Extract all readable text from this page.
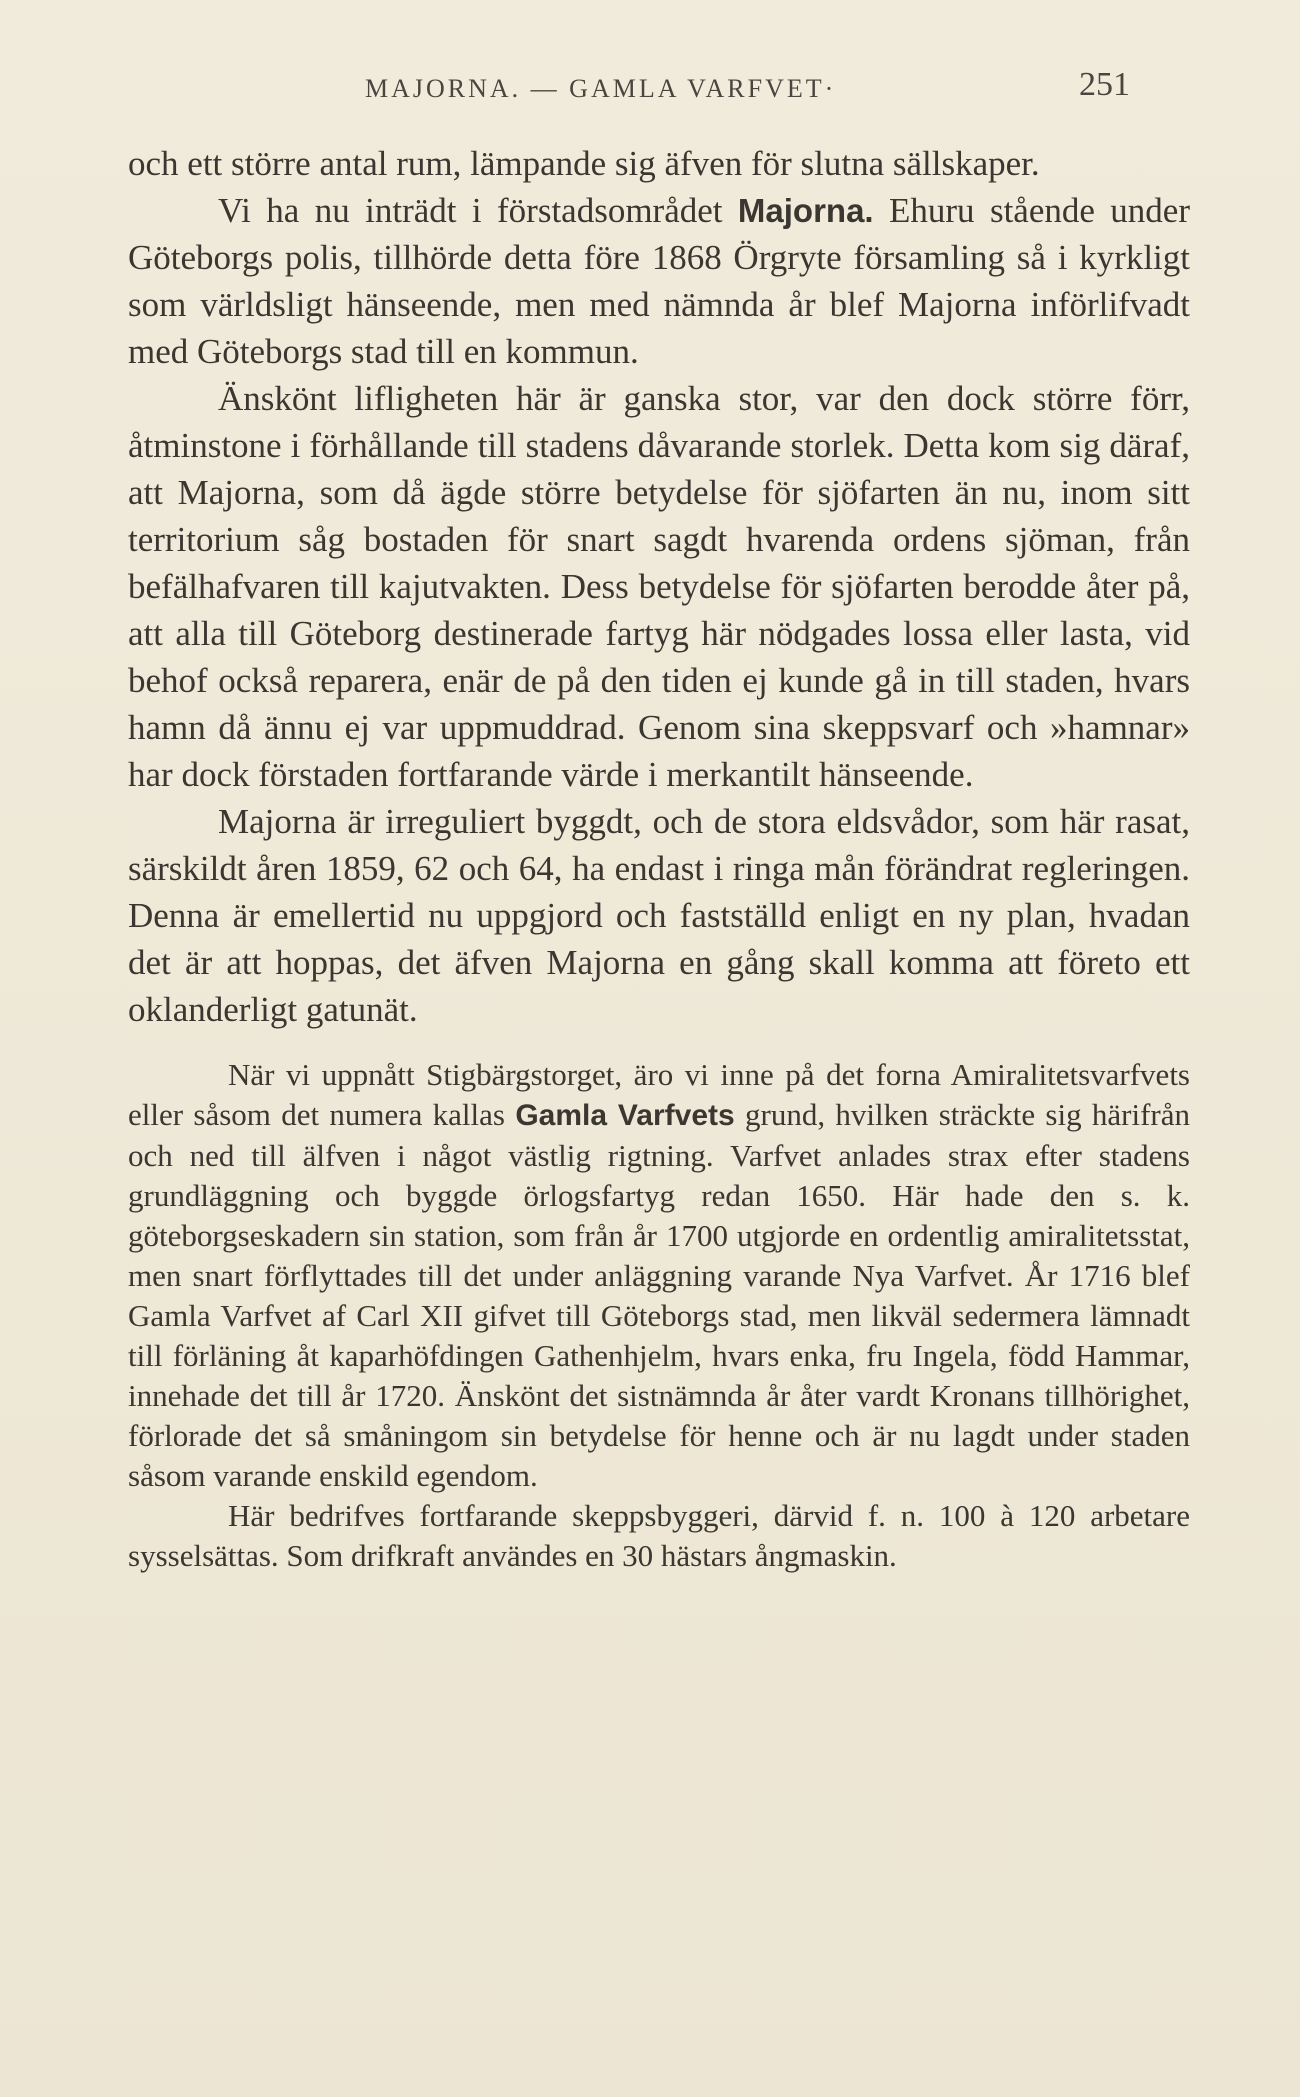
MAJORNA. — GAMLA VARFVET·	251

och ett större antal rum, lämpande sig äfven för slutna sällskaper.

Vi ha nu inträdt i förstadsområdet Majorna. Ehuru stående under Göteborgs polis, tillhörde detta före 1868 Örgryte församling så i kyrkligt som världsligt hänseende, men med nämnda år blef Majorna införlifvadt med Göteborgs stad till en kommun.

Änskönt lifligheten här är ganska stor, var den dock större förr, åtminstone i förhållande till stadens dåvarande storlek. Detta kom sig däraf, att Majorna, som då ägde större betydelse för sjöfarten än nu, inom sitt territorium såg bostaden för snart sagdt hvarenda ordens sjöman, från befälhafvaren till kajutvakten. Dess betydelse för sjöfarten berodde åter på, att alla till Göteborg destinerade fartyg här nödgades lossa eller lasta, vid behof också reparera, enär de på den tiden ej kunde gå in till staden, hvars hamn då ännu ej var uppmuddrad. Genom sina skeppsvarf och »hamnar» har dock förstaden fortfarande värde i merkantilt hänseende.

Majorna är irreguliert byggdt, och de stora eldsvådor, som här rasat, särskildt åren 1859, 62 och 64, ha endast i ringa mån förändrat regleringen. Denna är emellertid nu uppgjord och fastställd enligt en ny plan, hvadan det är att hoppas, det äfven Majorna en gång skall komma att företo ett oklanderligt gatunät.

När vi uppnått Stigbärgstorget, äro vi inne på det forna Amiralitetsvarfvets eller såsom det numera kallas Gamla Varfvets grund, hvilken sträckte sig härifrån och ned till älfven i något västlig rigtning. Varfvet anlades strax efter stadens grundläggning och byggde örlogsfartyg redan 1650. Här hade den s. k. göteborgseskadern sin station, som från år 1700 utgjorde en ordentlig amiralitetsstat, men snart förflyttades till det under anläggning varande Nya Varfvet. År 1716 blef Gamla Varfvet af Carl XII gifvet till Göteborgs stad, men likväl sedermera lämnadt till förläning åt kaparhöfdingen Gathenhjelm, hvars enka, fru Ingela, född Hammar, innehade det till år 1720. Änskönt det sistnämnda år åter vardt Kronans tillhörighet, förlorade det så småningom sin betydelse för henne och är nu lagdt under staden såsom varande enskild egendom.

Här bedrifves fortfarande skeppsbyggeri, därvid f. n. 100 à 120 arbetare sysselsättas. Som drifkraft användes en 30 hästars ångmaskin.
